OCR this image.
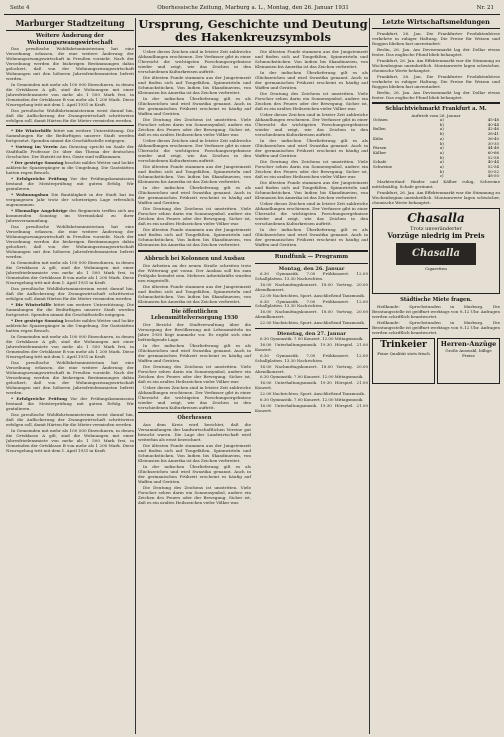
Seite 4	Oberhessische Zeitung, Marburg a. L., Montag, den 26. Januar 1931	Nr. 21
Marburger Stadtzeitung
Weitere Änderung der Wohnungszwangswirtschaft

Das preußische Wohlfahrtsministerium hat eine Verordnung erlassen, die eine weitere Änderung der Wohnungszwangswirtschaft in Preußen vorsieht. Nach der Verordnung werden die bisherigen Bestimmungen dahin gelockert, daß von der Wohnungszwangswirtschaft Wohnungen mit den höheren Jahresfriedensmieten befreit werden.

In Gemeinden mit mehr als 100 000 Einwohnern, in denen die Ortsklasse A gilt, sind die Wohnungen mit einer Jahresfriedensmiete von mehr als 1 500 Mark frei, in Gemeinden der Ortsklasse B von mehr als 1 200 Mark. Diese Neuregelung tritt mit dem 1. April 1931 in Kraft.

Das preußische Wohlfahrtsministerium weist darauf hin, daß die Auflockerung der Zwangswirtschaft schrittweise erfolgen soll, damit Härten für die Mieter vermieden werden.

* Die Winterhilfe bittet um weitere Unterstützung. Die Sammlungen für die Bedürftigen unserer Stadt werden fortgesetzt. Spenden nimmt die Geschäftsstelle entgegen.

* Vortrag im Verein Am Dienstag spricht im Saale der Stadthalle Professor Dr. über das Thema der deutschen Geschichte. Der Eintritt ist frei, Gäste sind willkommen.

* Der gestrige Sonntag brachte mildes Wetter und lockte zahlreiche Spaziergänger in die Umgebung. Die Gaststätten hatten regen Besuch.

* Erfolgreiche Prüfung Vor der Prüfungskommission bestand die Meisterprüfung mit gutem Erfolg. Wir gratulieren.

* Wohnungsbau Die Bautätigkeit in der Stadt hat im vergangenen Jahr trotz der schwierigen Lage erfreulich zugenommen.

* Ehemalige Angehörige des Regiments treffen sich am kommenden Sonntag im Vereinslokal zu ihrer Jahresversammlung.

Das preußische Wohlfahrtsministerium hat eine Verordnung erlassen, die eine weitere Änderung der Wohnungszwangswirtschaft in Preußen vorsieht. Nach der Verordnung werden die bisherigen Bestimmungen dahin gelockert, daß von der Wohnungszwangswirtschaft Wohnungen mit den höheren Jahresfriedensmieten befreit werden.

In Gemeinden mit mehr als 100 000 Einwohnern, in denen die Ortsklasse A gilt, sind die Wohnungen mit einer Jahresfriedensmiete von mehr als 1 500 Mark frei, in Gemeinden der Ortsklasse B von mehr als 1 200 Mark. Diese Neuregelung tritt mit dem 1. April 1931 in Kraft.

Das preußische Wohlfahrtsministerium weist darauf hin, daß die Auflockerung der Zwangswirtschaft schrittweise erfolgen soll, damit Härten für die Mieter vermieden werden.

* Die Winterhilfe bittet um weitere Unterstützung. Die Sammlungen für die Bedürftigen unserer Stadt werden fortgesetzt. Spenden nimmt die Geschäftsstelle entgegen.

* Der gestrige Sonntag brachte mildes Wetter und lockte zahlreiche Spaziergänger in die Umgebung. Die Gaststätten hatten regen Besuch.

In Gemeinden mit mehr als 100 000 Einwohnern, in denen die Ortsklasse A gilt, sind die Wohnungen mit einer Jahresfriedensmiete von mehr als 1 500 Mark frei, in Gemeinden der Ortsklasse B von mehr als 1 200 Mark. Diese Neuregelung tritt mit dem 1. April 1931 in Kraft.

Das preußische Wohlfahrtsministerium hat eine Verordnung erlassen, die eine weitere Änderung der Wohnungszwangswirtschaft in Preußen vorsieht. Nach der Verordnung werden die bisherigen Bestimmungen dahin gelockert, daß von der Wohnungszwangswirtschaft Wohnungen mit den höheren Jahresfriedensmieten befreit werden.

* Erfolgreiche Prüfung Vor der Prüfungskommission bestand die Meisterprüfung mit gutem Erfolg. Wir gratulieren.

Das preußische Wohlfahrtsministerium weist darauf hin, daß die Auflockerung der Zwangswirtschaft schrittweise erfolgen soll, damit Härten für die Mieter vermieden werden.

In Gemeinden mit mehr als 100 000 Einwohnern, in denen die Ortsklasse A gilt, sind die Wohnungen mit einer Jahresfriedensmiete von mehr als 1 500 Mark frei, in Gemeinden der Ortsklasse B von mehr als 1 200 Mark. Diese Neuregelung tritt mit dem 1. April 1931 in Kraft.

Ursprung, Geschichte und Deutung des Hakenkreuzsymbols

Ueber dieses Zeichen sind in letzter Zeit zahlreiche Abhandlungen erschienen. Der Verfasser gibt in einer Übersicht die wichtigsten Forschungsergebnisse wieder und zeigt, wie das Zeichen in den verschiedenen Kulturkreisen auftritt.

Die ältesten Funde stammen aus der Jungsteinzeit und finden sich auf Tongefäßen, Spinnwirteln und Schmuckstücken. Von Indien bis Skandinavien, von Kleinasien bis Amerika ist das Zeichen verbreitet.

In der indischen Überlieferung gilt es als Glückszeichen und wird Swastika genannt. Auch in der germanischen Frühzeit erscheint es häufig auf Waffen und Geräten.

Die Deutung des Zeichens ist umstritten. Viele Forscher sehen darin ein Sonnensymbol, andere ein Zeichen des Feuers oder der Bewegung. Sicher ist, daß es ein uraltes Heilszeichen vieler Völker war.

Ueber dieses Zeichen sind in letzter Zeit zahlreiche Abhandlungen erschienen. Der Verfasser gibt in einer Übersicht die wichtigsten Forschungsergebnisse wieder und zeigt, wie das Zeichen in den verschiedenen Kulturkreisen auftritt.

Die ältesten Funde stammen aus der Jungsteinzeit und finden sich auf Tongefäßen, Spinnwirteln und Schmuckstücken. Von Indien bis Skandinavien, von Kleinasien bis Amerika ist das Zeichen verbreitet.

In der indischen Überlieferung gilt es als Glückszeichen und wird Swastika genannt. Auch in der germanischen Frühzeit erscheint es häufig auf Waffen und Geräten.

Die Deutung des Zeichens ist umstritten. Viele Forscher sehen darin ein Sonnensymbol, andere ein Zeichen des Feuers oder der Bewegung. Sicher ist, daß es ein uraltes Heilszeichen vieler Völker war.

Die ältesten Funde stammen aus der Jungsteinzeit und finden sich auf Tongefäßen, Spinnwirteln und Schmuckstücken. Von Indien bis Skandinavien, von Kleinasien bis Amerika ist das Zeichen verbreitet.

Die ältesten Funde stammen aus der Jungsteinzeit und finden sich auf Tongefäßen, Spinnwirteln und Schmuckstücken. Von Indien bis Skandinavien, von Kleinasien bis Amerika ist das Zeichen verbreitet.

In der indischen Überlieferung gilt es als Glückszeichen und wird Swastika genannt. Auch in der germanischen Frühzeit erscheint es häufig auf Waffen und Geräten.

Die Deutung des Zeichens ist umstritten. Viele Forscher sehen darin ein Sonnensymbol, andere ein Zeichen des Feuers oder der Bewegung. Sicher ist, daß es ein uraltes Heilszeichen vieler Völker war.

Ueber dieses Zeichen sind in letzter Zeit zahlreiche Abhandlungen erschienen. Der Verfasser gibt in einer Übersicht die wichtigsten Forschungsergebnisse wieder und zeigt, wie das Zeichen in den verschiedenen Kulturkreisen auftritt.

In der indischen Überlieferung gilt es als Glückszeichen und wird Swastika genannt. Auch in der germanischen Frühzeit erscheint es häufig auf Waffen und Geräten.

Die Deutung des Zeichens ist umstritten. Viele Forscher sehen darin ein Sonnensymbol, andere ein Zeichen des Feuers oder der Bewegung. Sicher ist, daß es ein uraltes Heilszeichen vieler Völker war.

Die ältesten Funde stammen aus der Jungsteinzeit und finden sich auf Tongefäßen, Spinnwirteln und Schmuckstücken. Von Indien bis Skandinavien, von Kleinasien bis Amerika ist das Zeichen verbreitet.

Ueber dieses Zeichen sind in letzter Zeit zahlreiche Abhandlungen erschienen. Der Verfasser gibt in einer Übersicht die wichtigsten Forschungsergebnisse wieder und zeigt, wie das Zeichen in den verschiedenen Kulturkreisen auftritt.

In der indischen Überlieferung gilt es als Glückszeichen und wird Swastika genannt. Auch in der germanischen Frühzeit erscheint es häufig auf Waffen und Geräten.

Abbruch bei Kolonnen und Ausbau

Die Arbeiten an der neuen Straße schreiten trotz der Witterung gut voran. Der Ausbau soll bis zum Frühjahr beendet sein. Mehrere Arbeitskräfte wurden neu eingestellt.

Die ältesten Funde stammen aus der Jungsteinzeit und finden sich auf Tongefäßen, Spinnwirteln und Schmuckstücken. Von Indien bis Skandinavien, von Kleinasien bis Amerika ist das Zeichen verbreitet.

Die öffentlichen Lebensmittelversorgung 1930

Der Bericht der Stadtverwaltung über die Versorgung der Bevölkerung mit Lebensmitteln im Jahre 1930 liegt nunmehr vor. Es ergibt sich eine befriedigende Lage.

In der indischen Überlieferung gilt es als Glückszeichen und wird Swastika genannt. Auch in der germanischen Frühzeit erscheint es häufig auf Waffen und Geräten.

Die Deutung des Zeichens ist umstritten. Viele Forscher sehen darin ein Sonnensymbol, andere ein Zeichen des Feuers oder der Bewegung. Sicher ist, daß es ein uraltes Heilszeichen vieler Völker war.

Ueber dieses Zeichen sind in letzter Zeit zahlreiche Abhandlungen erschienen. Der Verfasser gibt in einer Übersicht die wichtigsten Forschungsergebnisse wieder und zeigt, wie das Zeichen in den verschiedenen Kulturkreisen auftritt.

Oberhessen

Aus dem Kreis wird berichtet, daß die Versammlungen der landwirtschaftlichen Vereine gut besucht waren. Die Lage der Landwirtschaft wird weiterhin als ernst bezeichnet.

Die ältesten Funde stammen aus der Jungsteinzeit und finden sich auf Tongefäßen, Spinnwirteln und Schmuckstücken. Von Indien bis Skandinavien, von Kleinasien bis Amerika ist das Zeichen verbreitet.

In der indischen Überlieferung gilt es als Glückszeichen und wird Swastika genannt. Auch in der germanischen Frühzeit erscheint es häufig auf Waffen und Geräten.

Die Deutung des Zeichens ist umstritten. Viele Forscher sehen darin ein Sonnensymbol, andere ein Zeichen des Feuers oder der Bewegung. Sicher ist, daß es ein uraltes Heilszeichen vieler Völker war.

Rundfunk — Programm
Montag, den 26. Januar

6.30 Gymnastik. 7.00 Frühkonzert. 12.00 Schallplatten. 13.30 Nachrichten.

16.00 Nachmittagskonzert. 18.00 Vortrag. 20.00 Abendkonzert.

22.00 Nachrichten, Sport. Anschließend Tanzmusik.

6.30 Gymnastik. 7.00 Frühkonzert. 12.00 Schallplatten. 13.30 Nachrichten.

16.00 Nachmittagskonzert. 18.00 Vortrag. 20.00 Abendkonzert.

22.00 Nachrichten, Sport. Anschließend Tanzmusik.

Dienstag, den 27. Januar

6.30 Gymnastik. 7.00 Konzert. 12.00 Mittagsmusik.

16.00 Unterhaltungsmusik. 19.30 Hörspiel. 21.00 Konzert.

6.30 Gymnastik. 7.00 Frühkonzert. 12.00 Schallplatten. 13.30 Nachrichten.

16.00 Nachmittagskonzert. 18.00 Vortrag. 20.00 Abendkonzert.

6.30 Gymnastik. 7.00 Konzert. 12.00 Mittagsmusik.

16.00 Unterhaltungsmusik. 19.30 Hörspiel. 21.00 Konzert.

22.00 Nachrichten, Sport. Anschließend Tanzmusik.

6.30 Gymnastik. 7.00 Konzert. 12.00 Mittagsmusik.

16.00 Unterhaltungsmusik. 19.30 Hörspiel. 21.00 Konzert.

Letzte Wirtschaftsmeldungen

Frankfurt, 26. Jan. Die Frankfurter Produktenbörse verkehrte in ruhiger Haltung. Die Preise für Weizen und Roggen blieben fast unverändert.

Berlin, 26. Jan. Am Devisenmarkt lag der Dollar etwas fester. Das englische Pfund blieb behauptet.

Frankfurt, 26. Jan. Am Effektenmarkt war die Stimmung zu Wochenbeginn uneinheitlich. Montanwerte lagen schwächer, chemische Werte behauptet.

Frankfurt, 26. Jan. Die Frankfurter Produktenbörse verkehrte in ruhiger Haltung. Die Preise für Weizen und Roggen blieben fast unverändert.

Berlin, 26. Jan. Am Devisenmarkt lag der Dollar etwas fester. Das englische Pfund blieb behauptet.

Schlachtviehmarkt Frankfurt a. M.
Auftrieb vom 26. Januar
Ochsen	a)	45-48
	b)	40-44
Bullen	a)	42-46
	b)	38-41
Kühe	a)	36-40
	b)	30-35
Färsen	a)	44-48
Kälber	a)	60-66
	b)	52-58
Schafe	a)	40-44
Schweine	a)	52-54
	b)	50-52
	c)	48-50

Marktverlauf: Rinder und Kälber ruhig, Schweine mittelmäßig, Schafe geräumt.

Frankfurt, 26. Jan. Am Effektenmarkt war die Stimmung zu Wochenbeginn uneinheitlich. Montanwerte lagen schwächer, chemische Werte behauptet.

Chasalla
Trotz unveränderter
Vorzüge niedrig im Preis
Chasalla
Cigaretten
Städtische Miete fragen.

Heilkunde: Sprechstunden in Marburg. Die Beratungsstelle ist geöffnet werktags von 9–12 Uhr. Anfragen werden schriftlich beantwortet.

Heilkunde: Sprechstunden in Marburg. Die Beratungsstelle ist geöffnet werktags von 9–12 Uhr. Anfragen werden schriftlich beantwortet.

Trinkeier
Feine Qualität stets frisch
Herren-Anzüge
Große Auswahl, billige Preise
